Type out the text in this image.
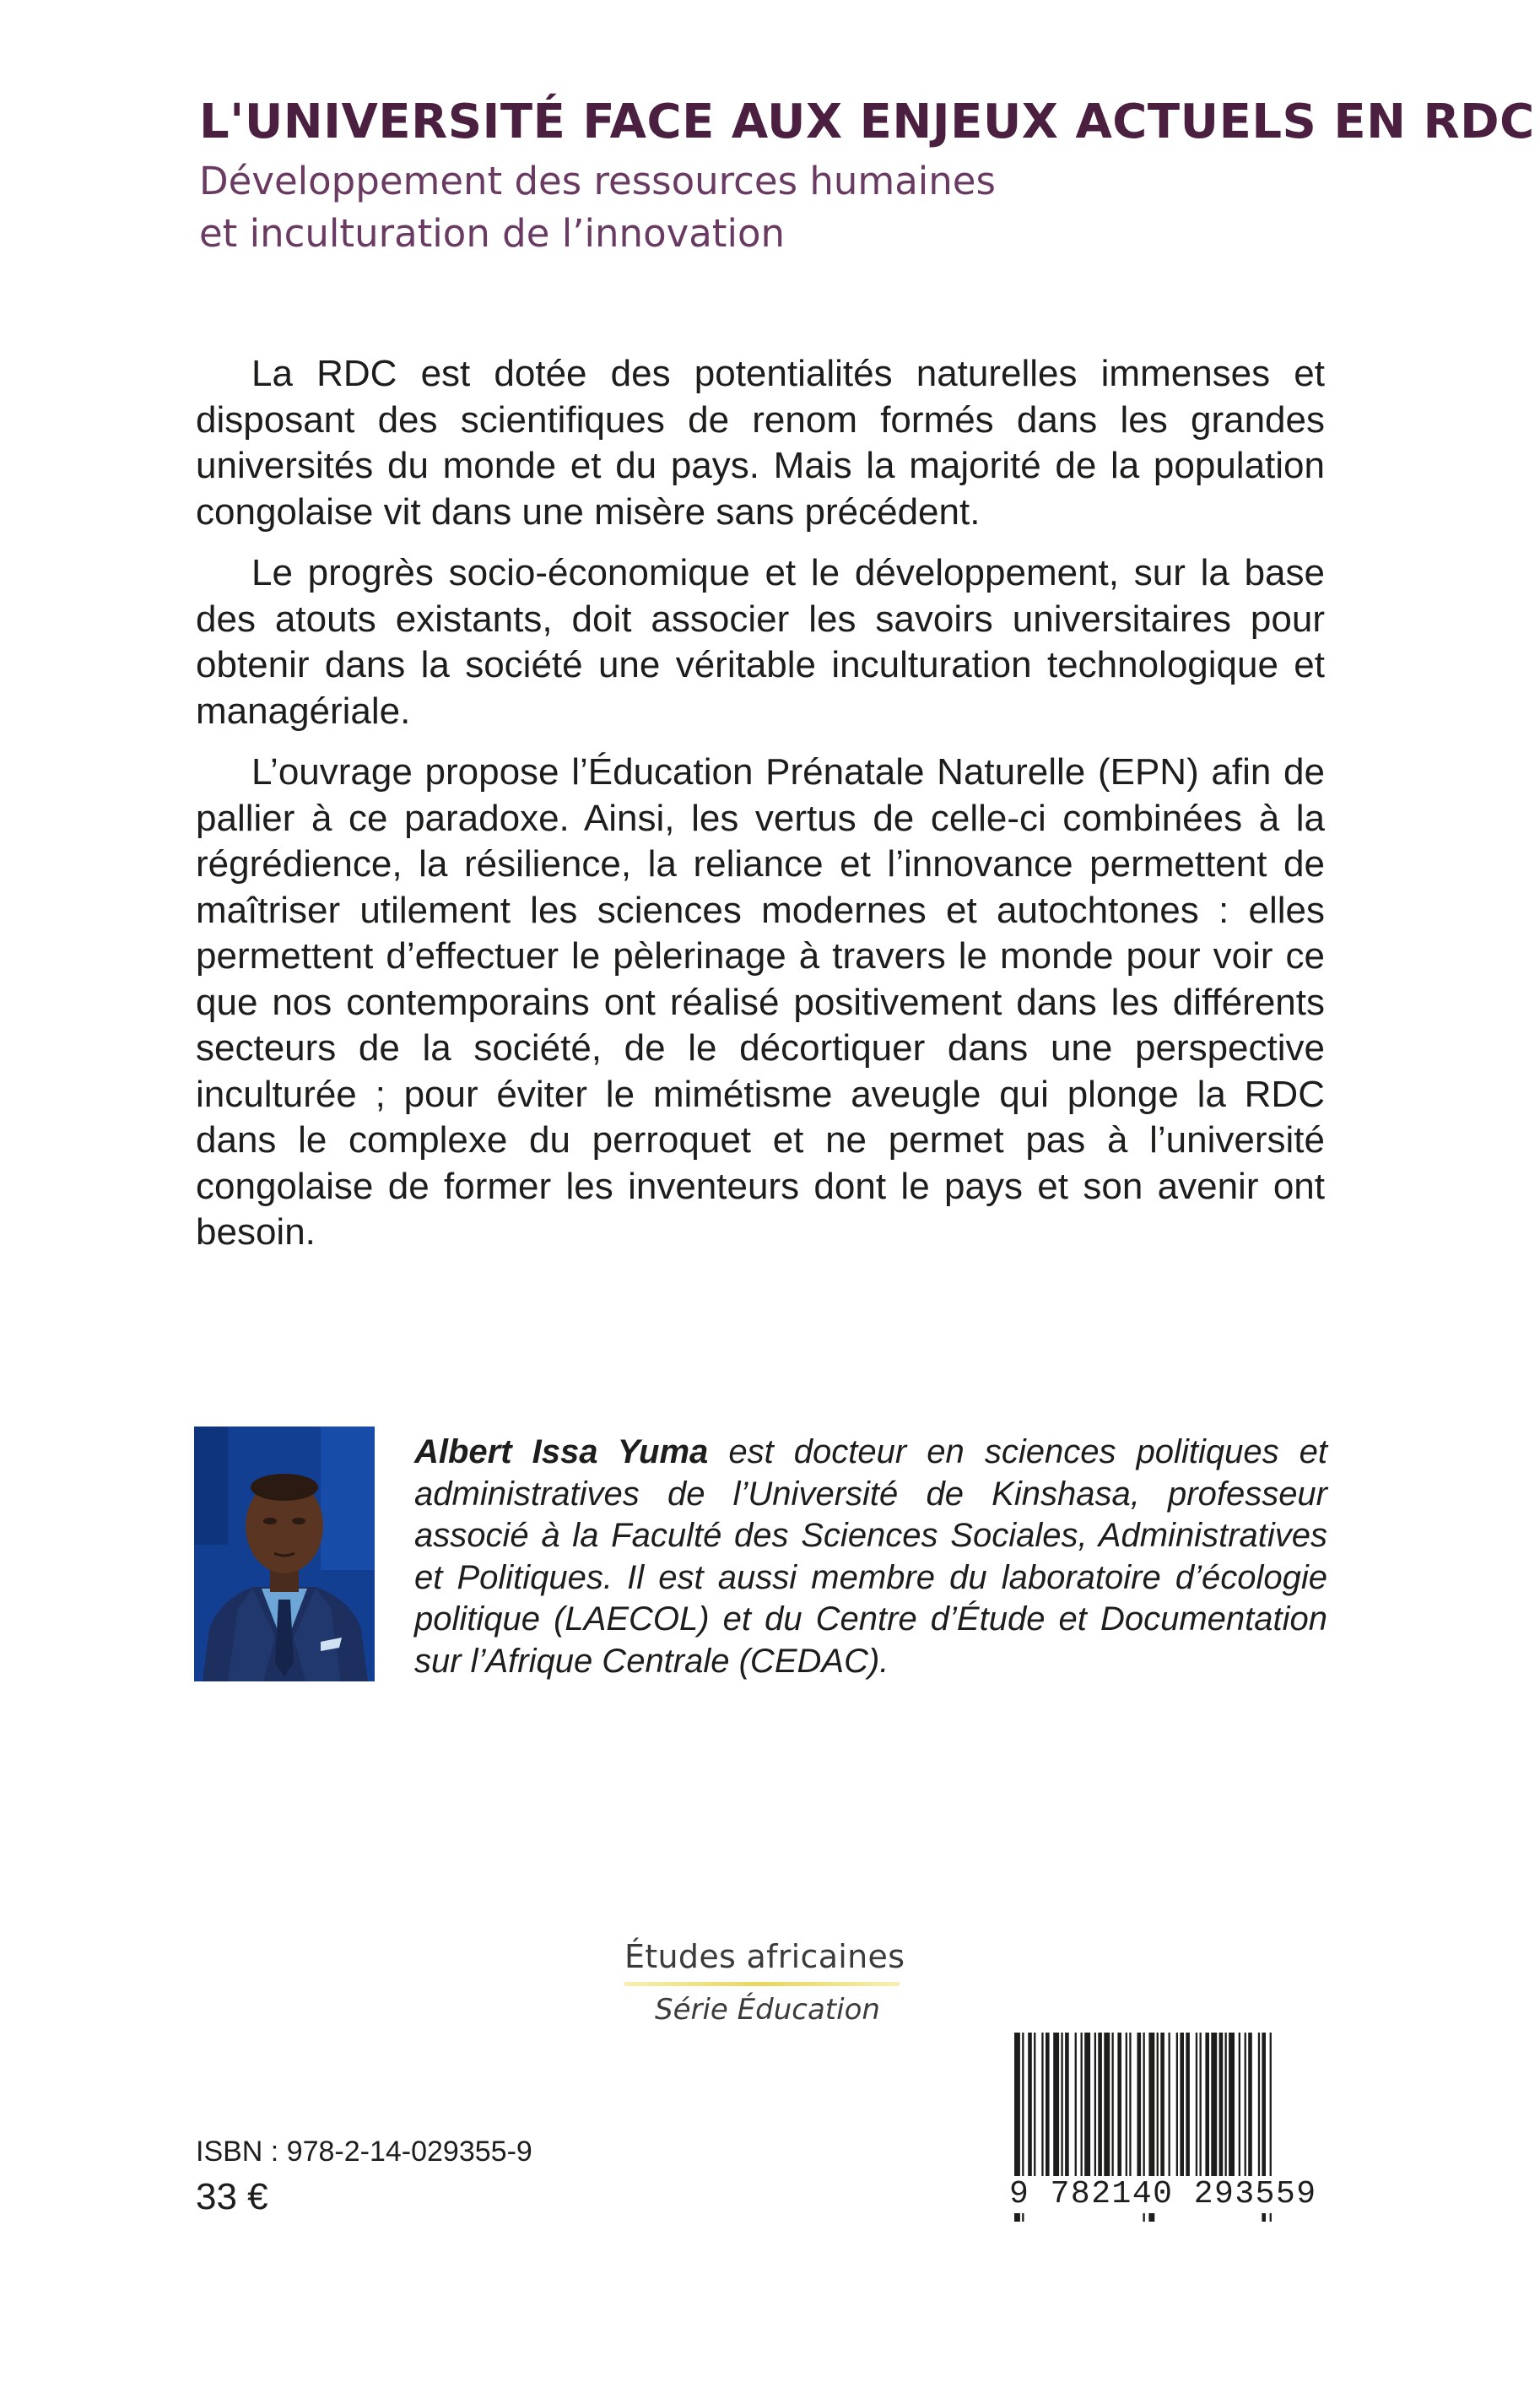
L'UNIVERSITÉ FACE AUX ENJEUX ACTUELS EN RDC
Développement des ressources humaines
et inculturation de l’innovation

La RDC est dotée des potentialités naturelles immenses et disposant des scientifiques de renom formés dans les grandes universités du monde et du pays. Mais la majorité de la population congolaise vit dans une misère sans précédent.

Le progrès socio-économique et le développement, sur la base des atouts existants, doit associer les savoirs universitaires pour obtenir dans la société une véritable inculturation technologique et managériale.

L’ouvrage propose l’Éducation Prénatale Naturelle (EPN) afin de pallier à ce paradoxe. Ainsi, les vertus de celle-ci combinées à la régrédience, la résilience, la reliance et l’innovance permettent de maîtriser utilement les sciences modernes et autochtones : elles permettent d’effectuer le pèlerinage à travers le monde pour voir ce que nos contemporains ont réalisé positivement dans les différents secteurs de la société, de le décortiquer dans une perspective inculturée ; pour éviter le mimétisme aveugle qui plonge la RDC dans le complexe du perroquet et ne permet pas à l’université congolaise de former les inventeurs dont le pays et son avenir ont besoin.

Albert Issa Yuma est docteur en sciences politiques et administratives de l’Université de Kinshasa, professeur associé à la Faculté des Sciences Sociales, Administratives et Politiques. Il est aussi membre du laboratoire d’écologie politique (LAECOL) et du Centre d’Étude et Documentation sur l’Afrique Centrale (CEDAC).
Études africaines
Série Éducation
ISBN : 978-2-14-029355-9
33 €	9 782140 293559
